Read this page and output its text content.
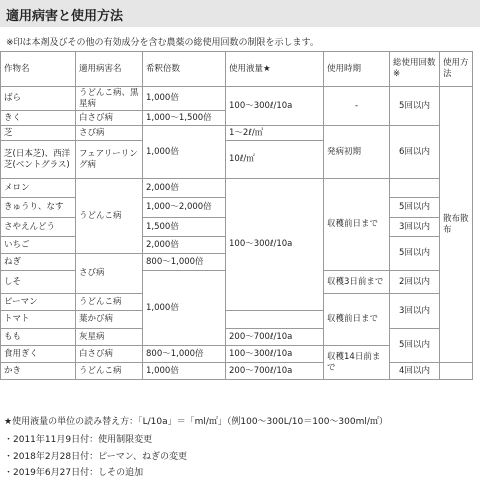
適用病害と使用方法
※印は本剤及びその他の有効成分を含む農薬の総使用回数の制限を示します。
作物名	適用病害名	希釈倍数	使用液量★	使用時期	総使用回数※	使用方法
ばら	うどんこ病、黒星病	1,000倍	100～300ℓ/10a	-	5回以内	散布散布
きく	白さび病	1,000～1,500倍				
芝	さび病	1,000倍	1～2ℓ/㎡	発病初期	6回以内	
芝(日本芝)、西洋芝(ベントグラス)	フェアリーリング病		10ℓ/㎡			
メロン	うどんこ病	2,000倍	100～300ℓ/10a	収穫前日まで		
きゅうり、なす		1,000～2,000倍			5回以内	
さやえんどう		1,500倍			3回以内	
いちご		2,000倍			5回以内	
ねぎ	さび病	800～1,000倍				
しそ		1,000倍		収穫3日前まで	2回以内	
ピーマン	うどんこ病			収穫前日まで	3回以内	
トマト	葉かび病					
もも	灰星病		200～700ℓ/10a		5回以内	
食用ぎく	白さび病	800～1,000倍	100～300ℓ/10a	収穫14日前まで		
かき	うどんこ病	1,000倍	200～700ℓ/10a		4回以内	
★使用液量の単位の読み替え方：「L/10a」＝「ml/㎡」（例100～300L/10＝100～300ml/㎡）
・2011年11月9日付：使用制限変更
・2018年2月28日付：ピーマン、ねぎの変更
・2019年6月27日付：しその追加
